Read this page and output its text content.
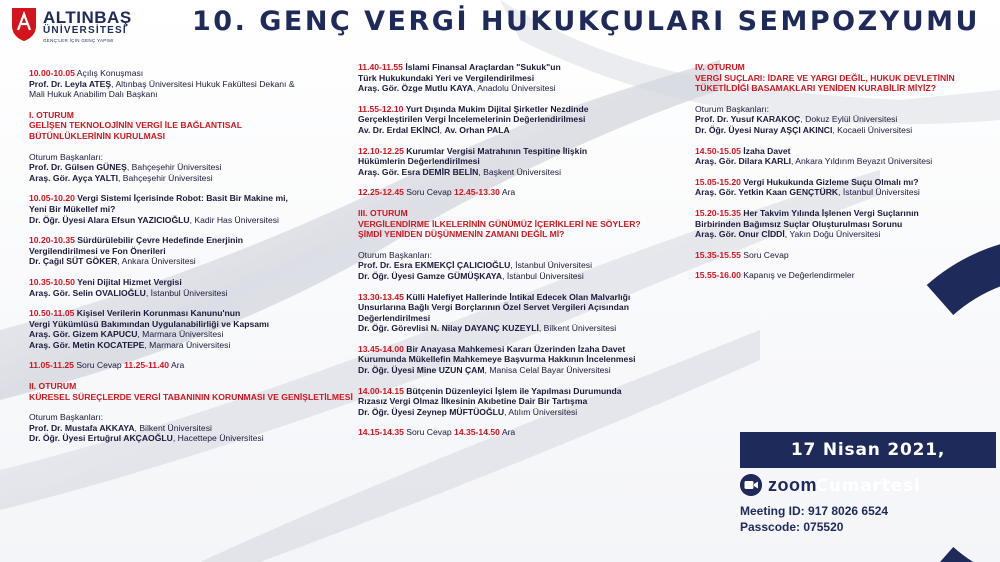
ALTINBAŞ
ÜNİVERSİTESİ
GENÇ'LER İÇİN GENÇ YAPIMI
10. GENÇ VERGİ HUKUKÇULARI SEMPOZYUMU
10.00-10.05 Açılış Konuşması
Prof. Dr. Leyla ATEŞ, Altınbaş Üniversitesi Hukuk Fakültesi Dekanı &
Mali Hukuk Anabilim Dalı Başkanı
I. OTURUM
GELİŞEN TEKNOLOJİNİN VERGİ İLE BAĞLANTISAL
BÜTÜNLÜKLERİNİN KURULMASI
Oturum Başkanları:
Prof. Dr. Gülsen GÜNEŞ, Bahçeşehir Üniversitesi
Araş. Gör. Ayça YALTI, Bahçeşehir Üniversitesi
10.05-10.20 Vergi Sistemi İçerisinde Robot: Basit Bir Makine mi,
Yeni Bir Mükellef mi?
Dr. Öğr. Üyesi Alara Efsun YAZICIOĞLU, Kadir Has Üniversitesi
10.20-10.35 Sürdürülebilir Çevre Hedefinde Enerjinin
Vergilendirilmesi ve Fon Önerileri
Dr. Çağıl SÜT GÖKER, Ankara Üniversitesi
10.35-10.50 Yeni Dijital Hizmet Vergisi
Araş. Gör. Selin OVALIOĞLU, İstanbul Üniversitesi
10.50-11.05 Kişisel Verilerin Korunması Kanunu'nun
Vergi Yükümlüsü Bakımından Uygulanabilirliği ve Kapsamı
Araş. Gör. Gizem KAPUCU, Marmara Üniversitesi
Araş. Gör. Metin KOCATEPE, Marmara Üniversitesi
11.05-11.25 Soru Cevap 11.25-11.40 Ara
II. OTURUM
KÜRESEL SÜREÇLERDE VERGİ TABANININ KORUNMASI VE GENİŞLETİLMESİ
Oturum Başkanları:
Prof. Dr. Mustafa AKKAYA, Bilkent Üniversitesi
Dr. Öğr. Üyesi Ertuğrul AKÇAOĞLU, Hacettepe Üniversitesi
11.40-11.55 İslami Finansal Araçlardan "Sukuk"un
Türk Hukukundaki Yeri ve Vergilendirilmesi
Araş. Gör. Özge Mutlu KAYA, Anadolu Üniversitesi
11.55-12.10 Yurt Dışında Mukim Dijital Şirketler Nezdinde
Gerçekleştirilen Vergi İncelemelerinin Değerlendirilmesi
Av. Dr. Erdal EKİNCİ, Av. Orhan PALA
12.10-12.25 Kurumlar Vergisi Matrahının Tespitine İlişkin
Hükümlerin Değerlendirilmesi
Araş. Gör. Esra DEMİR BELİN, Başkent Üniversitesi
12.25-12.45 Soru Cevap 12.45-13.30 Ara
III. OTURUM
VERGİLENDİRME İLKELERİNİN GÜNÜMÜZ İÇERİKLERİ NE SÖYLER?
ŞİMDİ YENİDEN DÜŞÜNMENİN ZAMANI DEĞİL Mİ?
Oturum Başkanları:
Prof. Dr. Esra EKMEKÇİ ÇALICIOĞLU, İstanbul Üniversitesi
Dr. Öğr. Üyesi Gamze GÜMÜŞKAYA, İstanbul Üniversitesi
13.30-13.45 Külli Halefiyet Hallerinde İntikal Edecek Olan Malvarlığı
Unsurlarına Bağlı Vergi Borçlarının Özel Servet Vergileri Açısından
Değerlendirilmesi
Dr. Öğr. Görevlisi N. Nilay DAYANÇ KUZEYLİ, Bilkent Üniversitesi
13.45-14.00 Bir Anayasa Mahkemesi Kararı Üzerinden İzaha Davet
Kurumunda Mükellefin Mahkemeye Başvurma Hakkının İncelenmesi
Dr. Öğr. Üyesi Mine UZUN ÇAM, Manisa Celal Bayar Üniversitesi
14.00-14.15 Bütçenin Düzenleyici İşlem ile Yapılması Durumunda
Rızasız Vergi Olmaz İlkesinin Akıbetine Dair Bir Tartışma
Dr. Öğr. Üyesi Zeynep MÜFTÜOĞLU, Atılım Üniversitesi
14.15-14.35 Soru Cevap 14.35-14.50 Ara
IV. OTURUM
VERGİ SUÇLARI: İDARE VE YARGI DEĞİL, HUKUK DEVLETİNİN
TÜKETİLDİĞİ BASAMAKLARI YENİDEN KURABİLİR MİYİZ?
Oturum Başkanları:
Prof. Dr. Yusuf KARAKOÇ, Dokuz Eylül Üniversitesi
Dr. Öğr. Üyesi Nuray AŞÇI AKINCI, Kocaeli Üniversitesi
14.50-15.05 İzaha Davet
Araş. Gör. Dilara KARLI, Ankara Yıldırım Beyazıt Üniversitesi
15.05-15.20 Vergi Hukukunda Gizleme Suçu Olmalı mı?
Araş. Gör. Yetkin Kaan GENÇTÜRK, İstanbul Üniversitesi
15.20-15.35 Her Takvim Yılında İşlenen Vergi Suçlarının
Birbirinden Bağımsız Suçlar Oluşturulması Sorunu
Araş. Gör. Onur CİDDİ, Yakın Doğu Üniversitesi
15.35-15.55 Soru Cevap
15.55-16.00 Kapanış ve Değerlendirmeler
17 Nisan 2021, Cumartesi
zoom
Meeting ID: 917 8026 6524
Passcode: 075520
